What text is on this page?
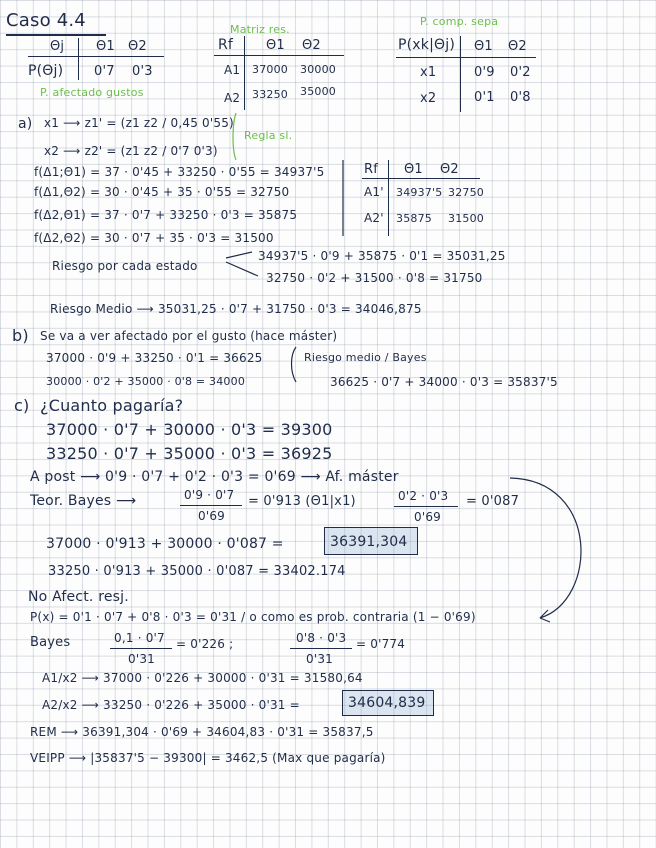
Caso 4.4
Θj Θ1 Θ2
P(Θj) 0'7 0'3
Matriz res.
Rf	Θ1 Θ2
A1 37000 30000
A2 33250 35000
P. comp. sepa
P(xk|Θj) Θ1 Θ2
x1	0'9 0'2
x2	0'1 0'8
P. afectado gustos
a) x1 ⟶ z1' = (z1 z2 / 0,45 0'55)
x2 ⟶ z2' = (z1 z2 / 0'7 0'3)
Regla sl.
f(Δ1;Θ1) = 37 · 0'45 + 33250 · 0'55 = 34937'5
f(Δ1,Θ2) = 30 · 0'45 + 35 · 0'55 = 32750
f(Δ2,Θ1) = 37 · 0'7 + 33250 · 0'3 = 35875
f(Δ2,Θ2) = 30 · 0'7 + 35 · 0'3 = 31500
Rf Θ1 Θ2
A1' 34937'5 32750
A2' 35875 31500
Riesgo por cada estado
34937'5 · 0'9 + 35875 · 0'1 = 35031,25
32750 · 0'2 + 31500 · 0'8 = 31750
Riesgo Medio ⟶ 35031,25 · 0'7 + 31750 · 0'3 = 34046,875
b) Se va a ver afectado por el gusto (hace máster)
37000 · 0'9 + 33250 · 0'1 = 36625	Riesgo medio / Bayes
30000 · 0'2 + 35000 · 0'8 = 34000	36625 · 0'7 + 34000 · 0'3 = 35837'5
c) ¿Cuanto pagaría?
37000 · 0'7 + 30000 · 0'3 = 39300
33250 · 0'7 + 35000 · 0'3 = 36925
A post ⟶ 0'9 · 0'7 + 0'2 · 0'3 = 0'69 ⟶ Af. máster
Teor. Bayes ⟶	0'9 · 0'7
0'69
= 0'913 (Θ1|x1)	0'2 · 0'3
0'69
= 0'087
37000 · 0'913 + 30000 · 0'087 =	36391,304
33250 · 0'913 + 35000 · 0'087 = 33402.174
No Afect. resj.
P(x) = 0'1 · 0'7 + 0'8 · 0'3 = 0'31 / o como es prob. contraria (1 − 0'69)
Bayes	0,1 · 0'7
0'31
= 0'226 ;	0'8 · 0'3
0'31
= 0'774
A1/x2 ⟶ 37000 · 0'226 + 30000 · 0'31 = 31580,64
A2/x2 ⟶ 33250 · 0'226 + 35000 · 0'31 =	34604,839
REM ⟶ 36391,304 · 0'69 + 34604,83 · 0'31 = 35837,5
VEIPP ⟶ |35837'5 − 39300| = 3462,5 (Max que pagaría)
